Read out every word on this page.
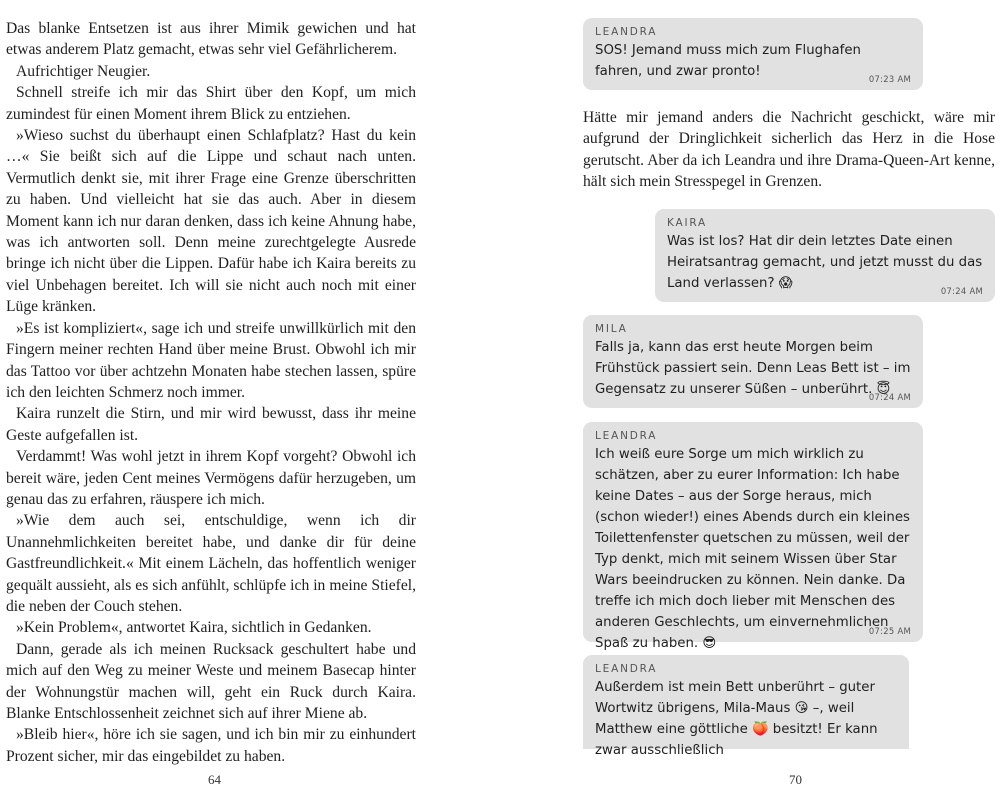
Das blanke Entsetzen ist aus ihrer Mimik gewichen und hat etwas anderem Platz gemacht, etwas sehr viel Gefährlicherem.

Aufrichtiger Neugier.

Schnell streife ich mir das Shirt über den Kopf, um mich zumindest für einen Moment ihrem Blick zu entziehen.

»Wieso suchst du überhaupt einen Schlafplatz? Hast du kein …« Sie beißt sich auf die Lippe und schaut nach unten. Vermutlich denkt sie, mit ihrer Frage eine Grenze überschritten zu haben. Und vielleicht hat sie das auch. Aber in diesem Moment kann ich nur daran denken, dass ich keine Ahnung habe, was ich antworten soll. Denn meine zurechtgelegte Ausrede bringe ich nicht über die Lippen. Dafür habe ich Kaira bereits zu viel Unbehagen bereitet. Ich will sie nicht auch noch mit einer Lüge kränken.

»Es ist kompliziert«, sage ich und streife unwillkürlich mit den Fingern meiner rechten Hand über meine Brust. Obwohl ich mir das Tattoo vor über achtzehn Monaten habe stechen lassen, spüre ich den leichten Schmerz noch immer.

Kaira runzelt die Stirn, und mir wird bewusst, dass ihr meine Geste aufgefallen ist.

Verdammt! Was wohl jetzt in ihrem Kopf vorgeht? Obwohl ich bereit wäre, jeden Cent meines Vermögens dafür herzugeben, um genau das zu erfahren, räuspere ich mich.

»Wie dem auch sei, entschuldige, wenn ich dir Unannehmlichkeiten bereitet habe, und danke dir für deine Gastfreundlichkeit.« Mit einem Lächeln, das hoffentlich weniger gequält aussieht, als es sich anfühlt, schlüpfe ich in meine Stiefel, die neben der Couch stehen.

»Kein Problem«, antwortet Kaira, sichtlich in Gedanken.

Dann, gerade als ich meinen Rucksack geschultert habe und mich auf den Weg zu meiner Weste und meinem Basecap hinter der Wohnungstür machen will, geht ein Ruck durch Kaira. Blanke Entschlossenheit zeichnet sich auf ihrer Miene ab.

»Bleib hier«, höre ich sie sagen, und ich bin mir zu einhundert Prozent sicher, mir das eingebildet zu haben.

64
LEANDRA
SOS! Jemand muss mich zum Flughafen fahren, und zwar pronto!	07:23 AM

Hätte mir jemand anders die Nachricht geschickt, wäre mir aufgrund der Dringlichkeit sicherlich das Herz in die Hose gerutscht. Aber da ich Leandra und ihre Drama-Queen-Art kenne, hält sich mein Stresspegel in Grenzen.

KAIRA
Was ist los? Hat dir dein letztes Date einen Heiratsantrag gemacht, und jetzt musst du das Land verlassen? 😱	07:24 AM
MILA
Falls ja, kann das erst heute Morgen beim Frühstück passiert sein. Denn Leas Bett ist – im Gegensatz zu unserer Süßen – unberührt. 😇
07:24 AM
LEANDRA
Ich weiß eure Sorge um mich wirklich zu schätzen, aber zu eurer Information: Ich habe keine Dates – aus der Sorge heraus, mich (schon wieder!) eines Abends durch ein kleines Toilettenfenster quetschen zu müssen, weil der Typ denkt, mich mit seinem Wissen über Star Wars beeindrucken zu können. Nein danke. Da treffe ich mich doch lieber mit Menschen des anderen Geschlechts, um einvernehmlichen Spaß zu haben. 😎
07:25 AM
LEANDRA
Außerdem ist mein Bett unberührt – guter Wortwitz übrigens, Mila-Maus 😘 –, weil Matthew eine göttliche 🍑 besitzt! Er kann zwar ausschließlich
70
